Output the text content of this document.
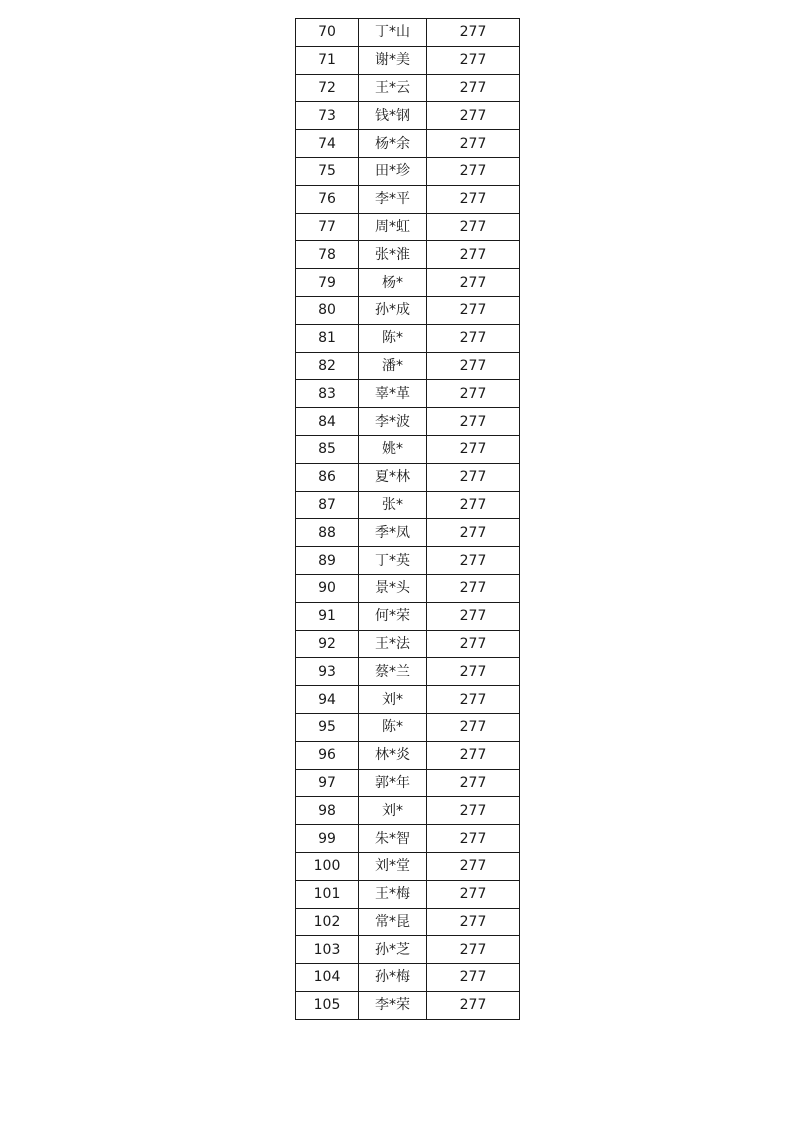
70	丁*山	277
71	谢*美	277
72	王*云	277
73	钱*钢	277
74	杨*余	277
75	田*珍	277
76	李*平	277
77	周*虹	277
78	张*淮	277
79	杨*	277
80	孙*成	277
81	陈*	277
82	潘*	277
83	辜*革	277
84	李*波	277
85	姚*	277
86	夏*林	277
87	张*	277
88	季*凤	277
89	丁*英	277
90	景*头	277
91	何*荣	277
92	王*法	277
93	蔡*兰	277
94	刘*	277
95	陈*	277
96	林*炎	277
97	郭*年	277
98	刘*	277
99	朱*智	277
100	刘*堂	277
101	王*梅	277
102	常*昆	277
103	孙*芝	277
104	孙*梅	277
105	李*荣	277
